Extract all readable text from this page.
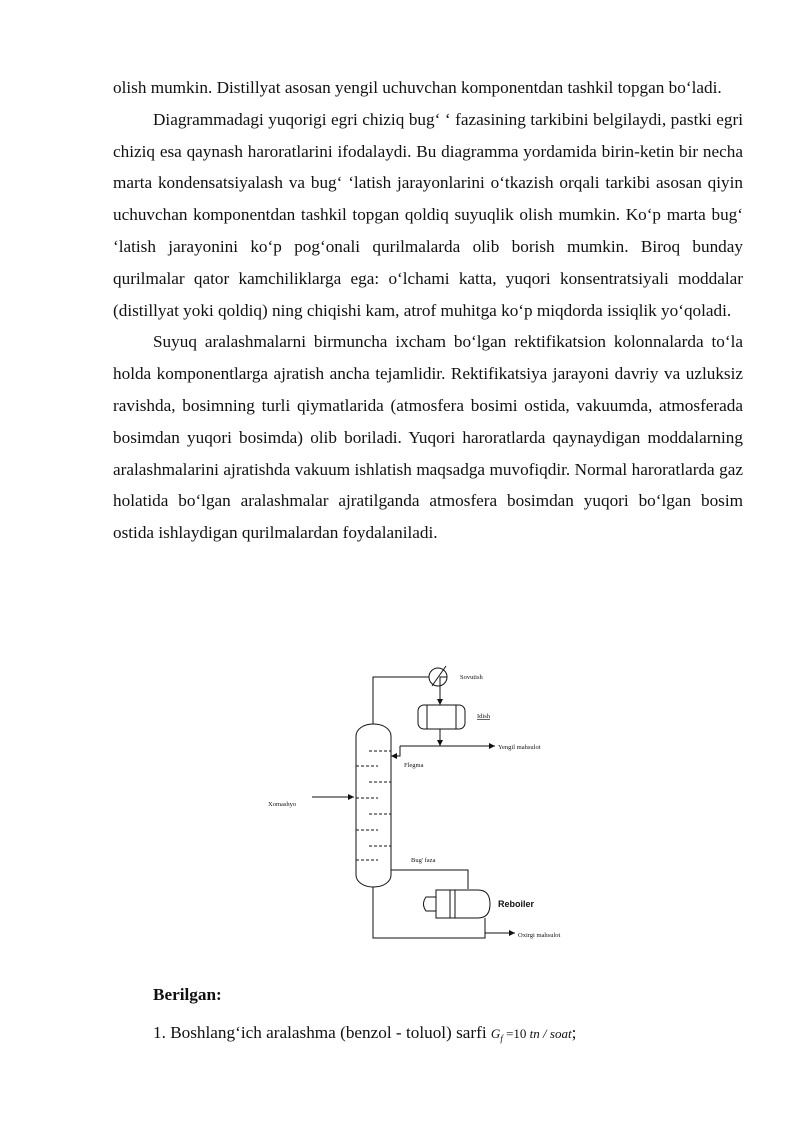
olish mumkin. Distillyat asosan yengil uchuvchan komponentdan tashkil topgan bo‘ladi.

Diagrammadagi yuqorigi egri chiziq bug‘ ‘ fazasining tarkibini belgilaydi, pastki egri chiziq esa qaynash haroratlarini ifodalaydi. Bu diagramma yordamida birin-ketin bir necha marta kondensatsiyalash va bug‘ ‘latish jarayonlarini o‘tkazish orqali tarkibi asosan qiyin uchuvchan komponentdan tashkil topgan qoldiq suyuqlik olish mumkin. Ko‘p marta bug‘ ‘latish jarayonini ko‘p pog‘onali qurilmalarda olib borish mumkin. Biroq bunday qurilmalar qator kamchiliklarga ega: o‘lchami katta, yuqori konsentratsiyali moddalar (distillyat yoki qoldiq) ning chiqishi kam, atrof muhitga ko‘p miqdorda issiqlik yo‘qoladi.

Suyuq aralashmalarni birmuncha ixcham bo‘lgan rektifikatsion kolonnalarda to‘la holda komponentlarga ajratish ancha tejamlidir. Rektifikatsiya jarayoni davriy va uzluksiz ravishda, bosimning turli qiymatlarida (atmosfera bosimi ostida, vakuumda, atmosferada bosimdan yuqori bosimda) olib boriladi. Yuqori haroratlarda qaynaydigan moddalarning aralashmalarini ajratishda vakuum ishlatish maqsadga muvofiqdir. Normal haroratlarda gaz holatida bo‘lgan aralashmalar ajratilganda atmosfera bosimdan yuqori bo‘lgan bosim ostida ishlaydigan qurilmalardan foydalaniladi.

Sovutish
Idish
Yengil mahsulot
Flegma
Xomashyo
Bug' faza
Oxirgi mahsulot
Reboiler
Berilgan:
1. Boshlang‘ich aralashma (benzol - toluol) sarfi $G_f =10$ tn / soat;
